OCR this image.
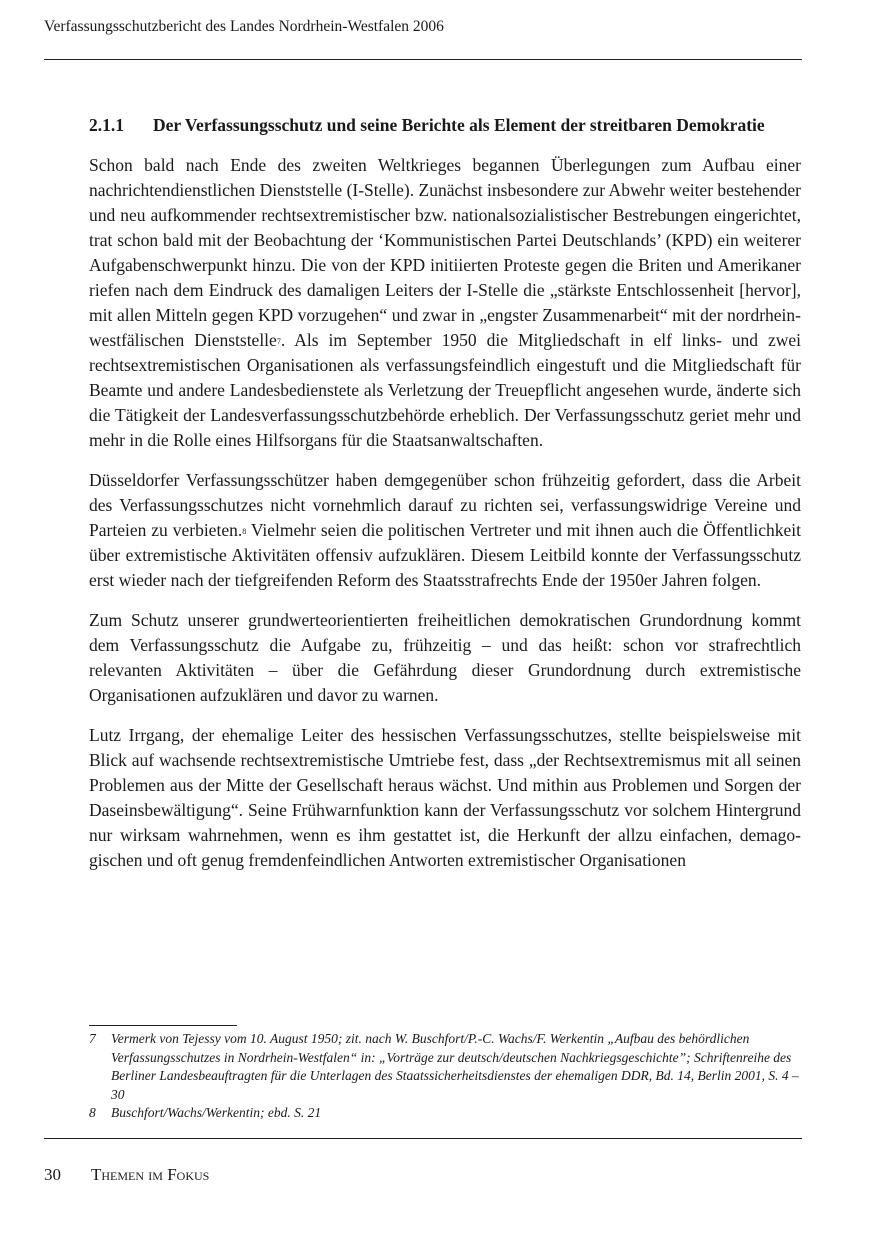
Verfassungsschutzbericht des Landes Nordrhein-Westfalen 2006
2.1.1	Der Verfassungsschutz und seine Berichte als Element der streitbaren Demokratie

Schon bald nach Ende des zweiten Weltkrieges begannen Überlegungen zum Aufbau einer nachrichtendienstlichen Dienststelle (I-Stelle). Zunächst insbesondere zur Abwehr weiter bestehender und neu aufkommender rechtsextremistischer bzw. nationalsozialistischer Bestrebungen eingerichtet, trat schon bald mit der Beobachtung der ‘Kommunistischen Partei Deutschlands’ (KPD) ein weiterer Aufgabenschwerpunkt hinzu. Die von der KPD initiierten Proteste gegen die Briten und Amerikaner riefen nach dem Eindruck des damaligen Leiters der I-Stelle die „stärkste Entschlossenheit [hervor], mit allen Mitteln gegen KPD vorzugehen“ und zwar in „engster Zusammenarbeit“ mit der nordrhein-westfälischen Dienststelle$^7$. Als im September 1950 die Mitgliedschaft in elf links- und zwei rechtsextremistischen Organisationen als verfassungsfeindlich eingestuft und die Mitgliedschaft für Beamte und andere Landesbedienstete als Verletzung der Treuepflicht angesehen wurde, änderte sich die Tätigkeit der Landesverfassungsschutzbehörde erheblich. Der Verfassungsschutz geriet mehr und mehr in die Rolle eines Hilfsorgans für die Staatsanwaltschaften.

Düsseldorfer Verfassungsschützer haben demgegenüber schon frühzeitig gefordert, dass die Arbeit des Verfassungsschutzes nicht vornehmlich darauf zu richten sei, verfassungswidrige Vereine und Parteien zu verbieten.$^8$ Vielmehr seien die politischen Vertreter und mit ihnen auch die Öffentlichkeit über extremistische Aktivitäten offensiv aufzuklären. Diesem Leitbild konnte der Verfassungsschutz erst wieder nach der tiefgreifenden Reform des Staatsstrafrechts Ende der 1950er Jahren folgen.

Zum Schutz unserer grundwerteorientierten freiheitlichen demokratischen Grundordnung kommt dem Verfassungsschutz die Aufgabe zu, frühzeitig – und das heißt: schon vor strafrechtlich relevanten Aktivitäten – über die Gefährdung dieser Grundordnung durch extremistische Organisationen aufzuklären und davor zu warnen.

Lutz Irrgang, der ehemalige Leiter des hessischen Verfassungsschutzes, stellte beispielsweise mit Blick auf wachsende rechtsextremistische Umtriebe fest, dass „der Rechtsextremismus mit all seinen Problemen aus der Mitte der Gesellschaft heraus wächst. Und mithin aus Problemen und Sorgen der Daseinsbewältigung“. Seine Frühwarnfunktion kann der Verfassungsschutz vor solchem Hintergrund nur wirksam wahrnehmen, wenn es ihm gestattet ist, die Herkunft der allzu einfachen, demagogischen und oft genug fremdenfeindlichen Antworten extremistischer Organisationen

7	Vermerk von Tejessy vom 10. August 1950; zit. nach W. Buschfort/P.-C. Wachs/F. Werkentin „Aufbau des behördlichen Verfassungsschutzes in Nordrhein-Westfalen“ in: „Vorträge zur deutsch/deutschen Nachkriegsgeschichte”; Schriftenreihe des Berliner Landesbeauftragten für die Unterlagen des Staatssicherheitsdienstes der ehemaligen DDR, Bd. 14, Berlin 2001, S. 4 – 30
8	Buschfort/Wachs/Werkentin; ebd. S. 21
30	Themen im Fokus
